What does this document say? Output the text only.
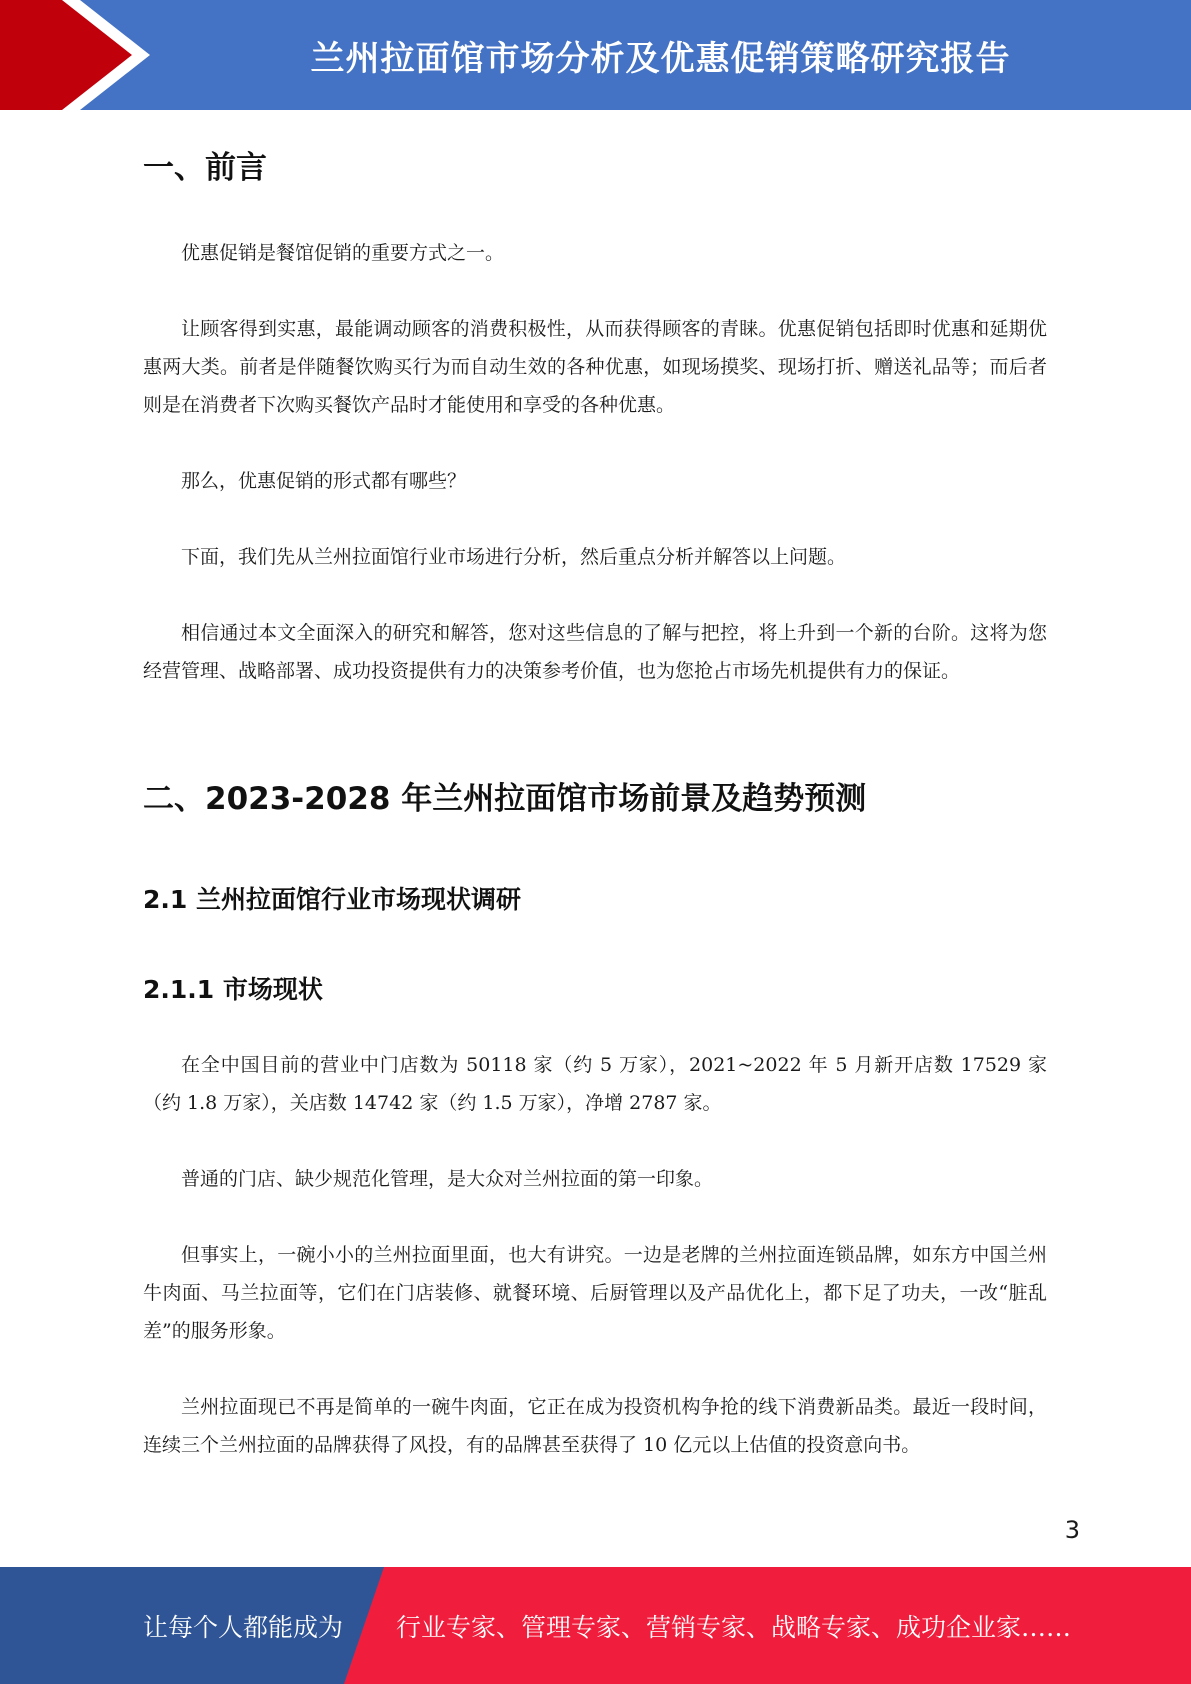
兰州拉面馆市场分析及优惠促销策略研究报告
一、前言

优惠促销是餐馆促销的重要方式之一。

让顾客得到实惠，最能调动顾客的消费积极性，从而获得顾客的青睐。优惠促销包括即时优惠和延期优惠两大类。前者是伴随餐饮购买行为而自动生效的各种优惠，如现场摸奖、现场打折、赠送礼品等；而后者则是在消费者下次购买餐饮产品时才能使用和享受的各种优惠。

那么，优惠促销的形式都有哪些？

下面，我们先从兰州拉面馆行业市场进行分析，然后重点分析并解答以上问题。

相信通过本文全面深入的研究和解答，您对这些信息的了解与把控，将上升到一个新的台阶。这将为您经营管理、战略部署、成功投资提供有力的决策参考价值，也为您抢占市场先机提供有力的保证。

二、2023-2028 年兰州拉面馆市场前景及趋势预测
2.1 兰州拉面馆行业市场现状调研
2.1.1 市场现状

在全中国目前的营业中门店数为 50118 家（约 5 万家），2021~2022 年 5 月新开店数 17529 家（约 1.8 万家），关店数 14742 家（约 1.5 万家），净增 2787 家。

普通的门店、缺少规范化管理，是大众对兰州拉面的第一印象。

但事实上，一碗小小的兰州拉面里面，也大有讲究。一边是老牌的兰州拉面连锁品牌，如东方中国兰州牛肉面、马兰拉面等，它们在门店装修、就餐环境、后厨管理以及产品优化上，都下足了功夫，一改“脏乱差”的服务形象。

兰州拉面现已不再是简单的一碗牛肉面，它正在成为投资机构争抢的线下消费新品类。最近一段时间，连续三个兰州拉面的品牌获得了风投，有的品牌甚至获得了 10 亿元以上估值的投资意向书。

3
让每个人都能成为 行业专家、管理专家、营销专家、战略专家、成功企业家……
